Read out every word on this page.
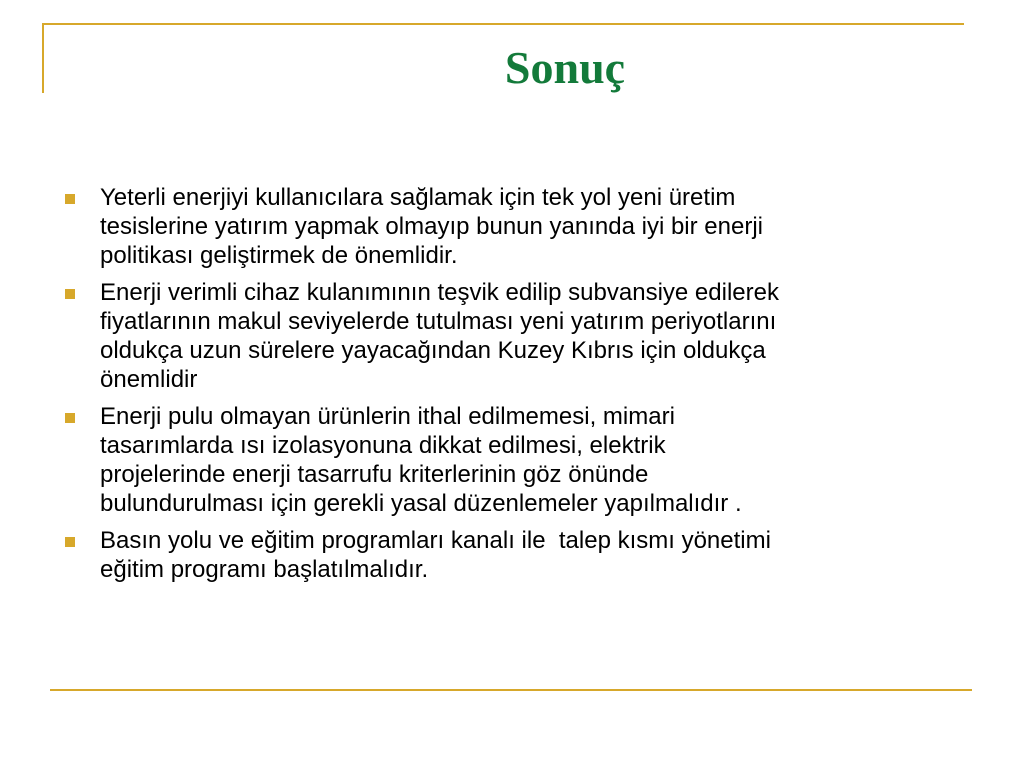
Sonuç
Yeterli enerjiyi kullanıcılara sağlamak için tek yol yeni üretim
tesislerine yatırım yapmak olmayıp bunun yanında iyi bir enerji
politikası geliştirmek de önemlidir.
Enerji verimli cihaz kulanımının teşvik edilip subvansiye edilerek
fiyatlarının makul seviyelerde tutulması yeni yatırım periyotlarını
oldukça uzun sürelere yayacağından Kuzey Kıbrıs için oldukça
önemlidir
Enerji pulu olmayan ürünlerin ithal edilmemesi, mimari
tasarımlarda ısı izolasyonuna dikkat edilmesi, elektrik
projelerinde enerji tasarrufu kriterlerinin göz önünde
bulundurulması için gerekli yasal düzenlemeler yapılmalıdır .
Basın yolu ve eğitim programları kanalı ile  talep kısmı yönetimi
eğitim programı başlatılmalıdır.
